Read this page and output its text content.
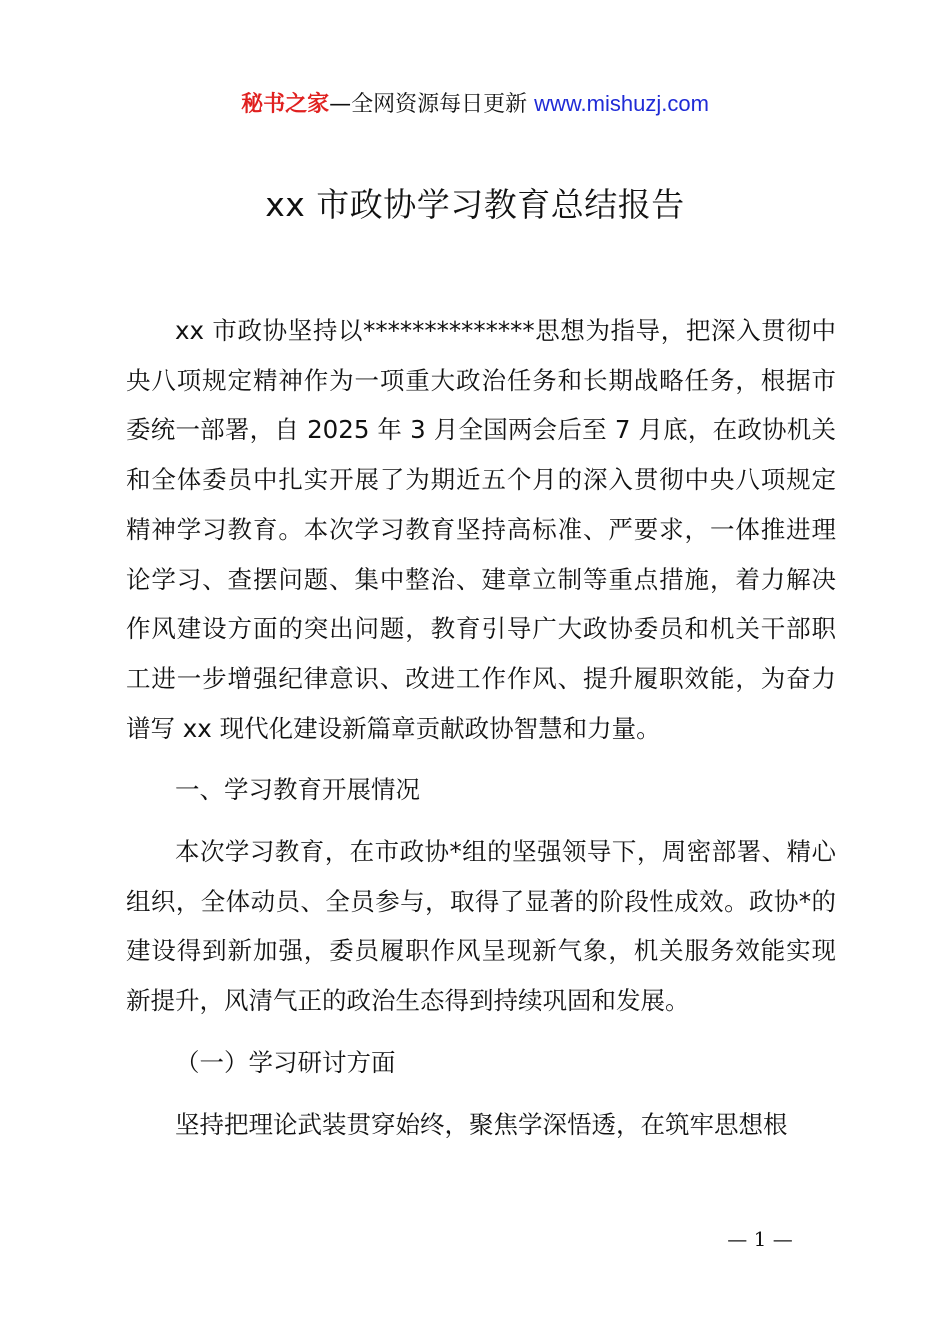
秘书之家—全网资源每日更新 www.mishuzj.com
xx 市政协学习教育总结报告

xx 市政协坚持以**************思想为指导，把深入贯彻中央八项规定精神作为一项重大政治任务和长期战略任务，根据市委统一部署，自 2025 年 3 月全国两会后至 7 月底，在政协机关和全体委员中扎实开展了为期近五个月的深入贯彻中央八项规定精神学习教育。本次学习教育坚持高标准、严要求，一体推进理论学习、查摆问题、集中整治、建章立制等重点措施，着力解决作风建设方面的突出问题，教育引导广大政协委员和机关干部职工进一步增强纪律意识、改进工作作风、提升履职效能，为奋力谱写 xx 现代化建设新篇章贡献政协智慧和力量。

一、学习教育开展情况

本次学习教育，在市政协*组的坚强领导下，周密部署、精心组织，全体动员、全员参与，取得了显著的阶段性成效。政协*的建设得到新加强，委员履职作风呈现新气象，机关服务效能实现新提升，风清气正的政治生态得到持续巩固和发展。

（一）学习研讨方面

坚持把理论武装贯穿始终，聚焦学深悟透，在筑牢思想根

— 1 —
